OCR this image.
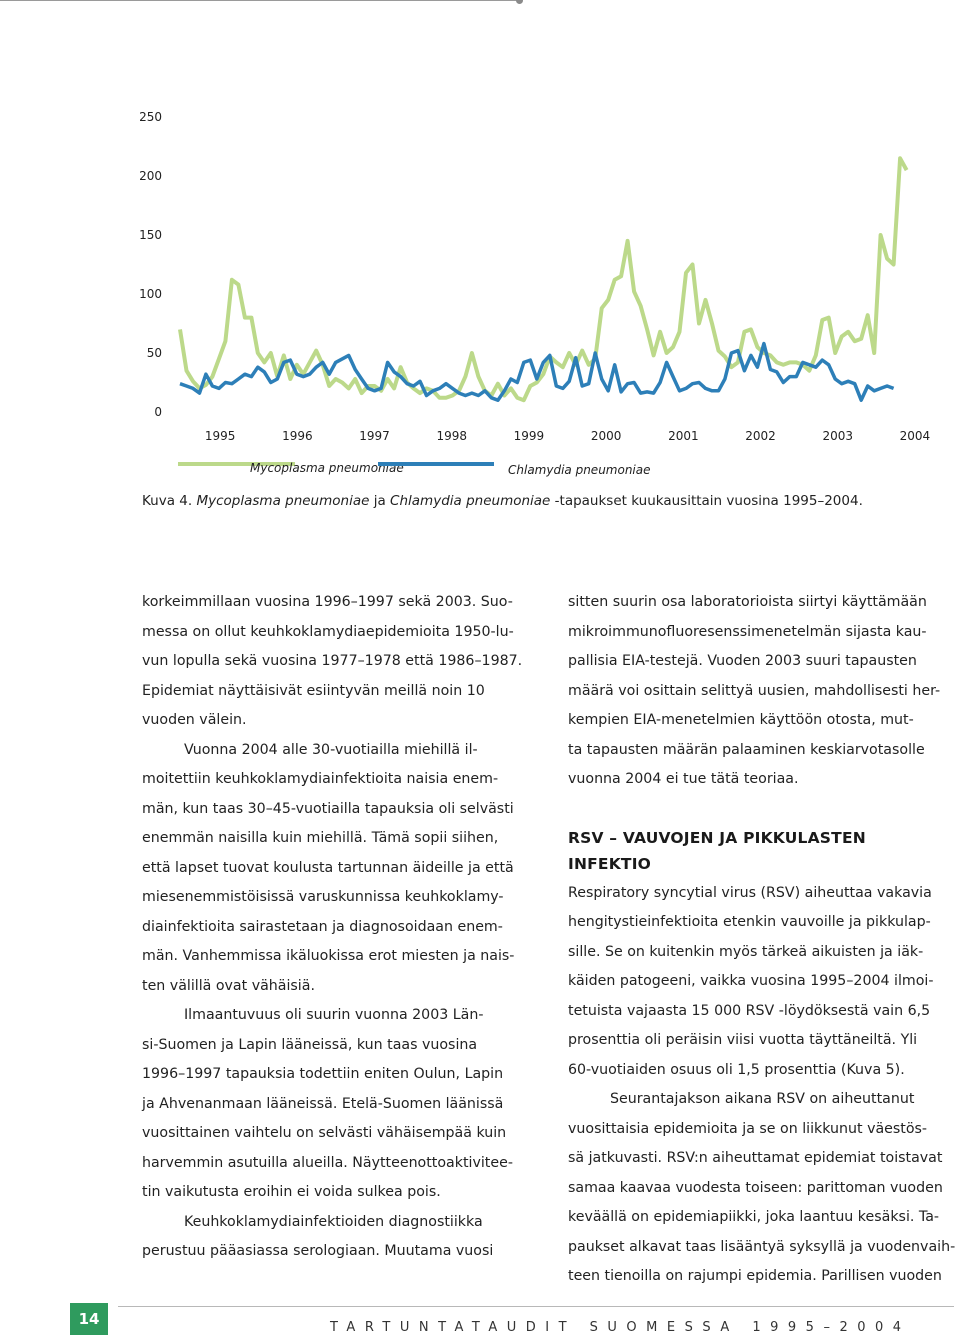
0
50
100
150
200
250
1995	1996	1997	1998	1999	2000	2001	2002	2003	2004
Mycoplasma pneumoniae	Chlamydia pneumoniae
Kuva 4. Mycoplasma pneumoniae ja Chlamydia pneumoniae -tapaukset kuukausittain vuosina 1995–2004.

korkeimmillaan vuosina 1996–1997 sekä 2003. Suo-
messa on ollut keuhkoklamydiaepidemioita 1950-lu-
vun lopulla sekä vuosina 1977–1978 että 1986–1987.
Epidemiat näyttäisivät esiintyvän meillä noin 10
vuoden välein.

Vuonna 2004 alle 30-vuotiailla miehillä il-
moitettiin keuhkoklamydiainfektioita naisia enem-
män, kun taas 30–45-vuotiailla tapauksia oli selvästi
enemmän naisilla kuin miehillä. Tämä sopii siihen,
että lapset tuovat koulusta tartunnan äideille ja että
miesenemmistöisissä varuskunnissa keuhkoklamy-
diainfektioita sairastetaan ja diagnosoidaan enem-
män. Vanhemmissa ikäluokissa erot miesten ja nais-
ten välillä ovat vähäisiä.

Ilmaantuvuus oli suurin vuonna 2003 Län-
si-Suomen ja Lapin lääneissä, kun taas vuosina
1996–1997 tapauksia todettiin eniten Oulun, Lapin
ja Ahvenanmaan lääneissä. Etelä-Suomen läänissä
vuosittainen vaihtelu on selvästi vähäisempää kuin
harvemmin asutuilla alueilla. Näytteenottoaktivitee-
tin vaikutusta eroihin ei voida sulkea pois.

Keuhkoklamydiainfektioiden diagnostiikka
perustuu pääasiassa serologiaan. Muutama vuosi

sitten suurin osa laboratorioista siirtyi käyttämään
mikroimmunofluoresenssimenetelmän sijasta kau-
pallisia EIA-testejä. Vuoden 2003 suuri tapausten
määrä voi osittain selittyä uusien, mahdollisesti her-
kempien EIA-menetelmien käyttöön otosta, mut-
ta tapausten määrän palaaminen keskiarvotasolle
vuonna 2004 ei tue tätä teoriaa.

RSV – VAUVOJEN JA PIKKULASTEN INFEKTIO

Respiratory syncytial virus (RSV) aiheuttaa vakavia
hengitystieinfektioita etenkin vauvoille ja pikkulap-
sille. Se on kuitenkin myös tärkeä aikuisten ja iäk-
käiden patogeeni, vaikka vuosina 1995–2004 ilmoi-
tetuista vajaasta 15 000 RSV -löydöksestä vain 6,5
prosenttia oli peräisin viisi vuotta täyttäneiltä. Yli
60-vuotiaiden osuus oli 1,5 prosenttia (Kuva 5).

Seurantajakson aikana RSV on aiheuttanut
vuosittaisia epidemioita ja se on liikkunut väestös-
sä jatkuvasti. RSV:n aiheuttamat epidemiat toistavat
samaa kaavaa vuodesta toiseen: parittoman vuoden
keväällä on epidemiapiikki, joka laantuu kesäksi. Ta-
paukset alkavat taas lisääntyä syksyllä ja vuodenvaih-
teen tienoilla on rajumpi epidemia. Parillisen vuoden

14	TARTUNTATAUDIT SUOMESSA 1995–2004
